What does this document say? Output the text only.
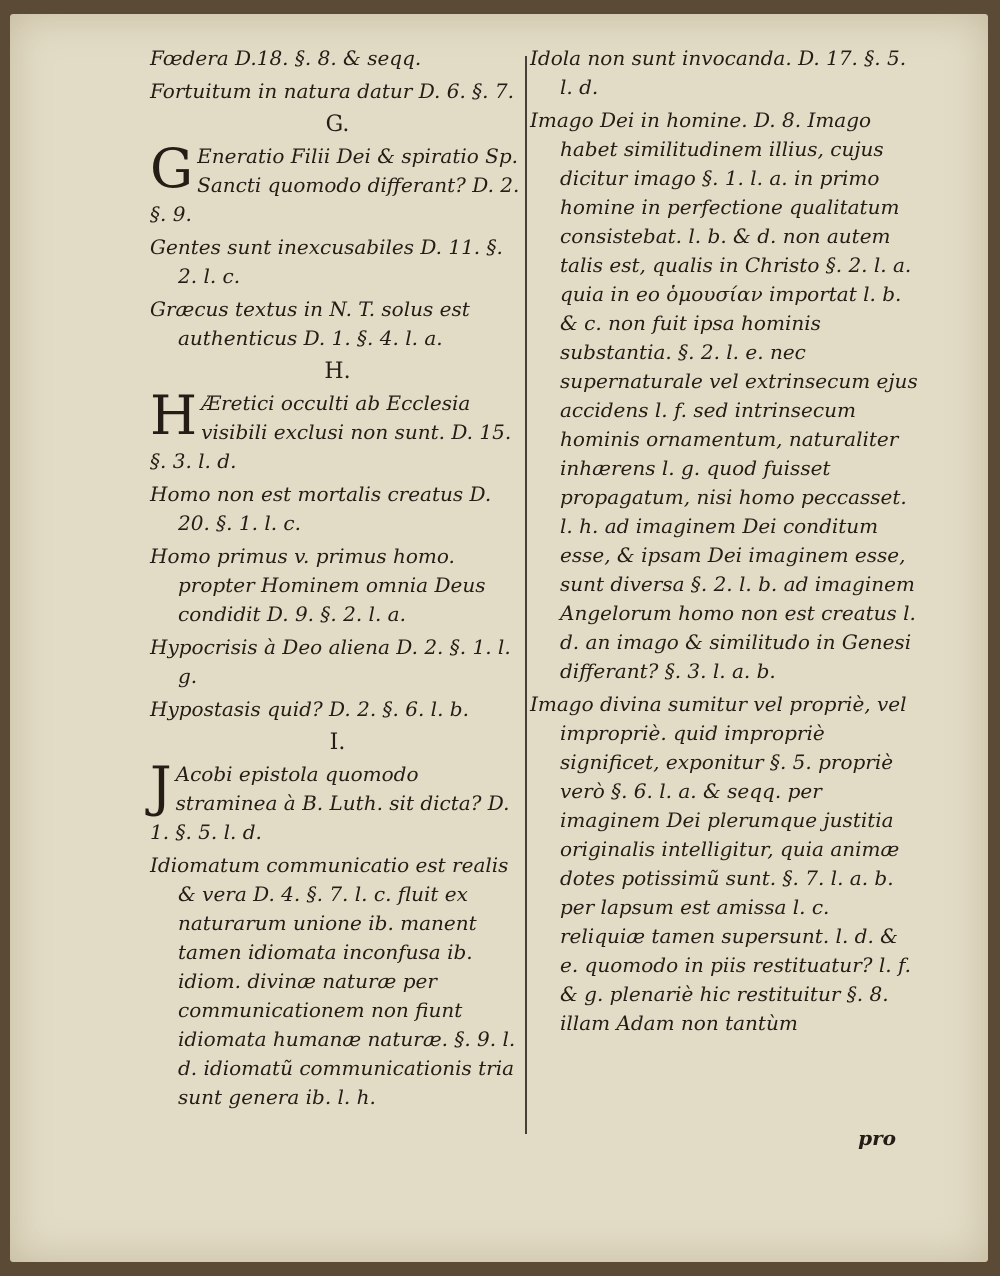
Fœdera D.18. §. 8. & seqq.
Fortuitum in natura datur D. 6. §. 7.
G.
G Eneratio Filii Dei & spiratio Sp. Sancti quomodo differant? D. 2. §. 9.
Gentes sunt inexcusabiles D. 11. §. 2. l. c.
Græcus textus in N. T. solus est authenticus D. 1. §. 4. l. a.
H.
H Æretici occulti ab Ecclesia visibili exclusi non sunt. D. 15. §. 3. l. d.
Homo non est mortalis creatus D. 20. §. 1. l. c.
Homo primus v. primus homo. propter Hominem omnia Deus condidit D. 9. §. 2. l. a.
Hypocrisis à Deo aliena D. 2. §. 1. l. g.
Hypostasis quid? D. 2. §. 6. l. b.
I.
J Acobi epistola quomodo straminea à B. Luth. sit dicta? D. 1. §. 5. l. d.
Idiomatum communicatio est realis & vera D. 4. §. 7. l. c. fluit ex naturarum unione ib. manent tamen idiomata inconfusa ib. idiom. divinæ naturæ per communicationem non fiunt idiomata humanæ naturæ. §. 9. l. d. idiomatũ communicationis tria sunt genera ib. l. h.
Idola non sunt invocanda. D. 17. §. 5. l. d.
Imago Dei in homine. D. 8. Imago habet similitudinem illius, cujus dicitur imago §. 1. l. a. in primo homine in perfectione qualitatum consistebat. l. b. & d. non autem talis est, qualis in Christo §. 2. l. a. quia in eo ὁμουσίαν importat l. b. & c. non fuit ipsa hominis substantia. §. 2. l. e. nec supernaturale vel extrinsecum ejus accidens l. f. sed intrinsecum hominis ornamentum, naturaliter inhærens l. g. quod fuisset propagatum, nisi homo peccasset. l. h. ad imaginem Dei conditum esse, & ipsam Dei imaginem esse, sunt diversa §. 2. l. b. ad imaginem Angelorum homo non est creatus l. d. an imago & similitudo in Genesi differant? §. 3. l. a. b.
Imago divina sumitur vel propriè, vel impropriè. quid impropriè significet, exponitur §. 5. propriè verò §. 6. l. a. & seqq. per imaginem Dei plerumque justitia originalis intelligitur, quia animæ dotes potissimũ sunt. §. 7. l. a. b. per lapsum est amissa l. c. reliquiæ tamen supersunt. l. d. & e. quomodo in piis restituatur? l. f. & g. plenariè hic restituitur §. 8. illam Adam non tantùm
pro
